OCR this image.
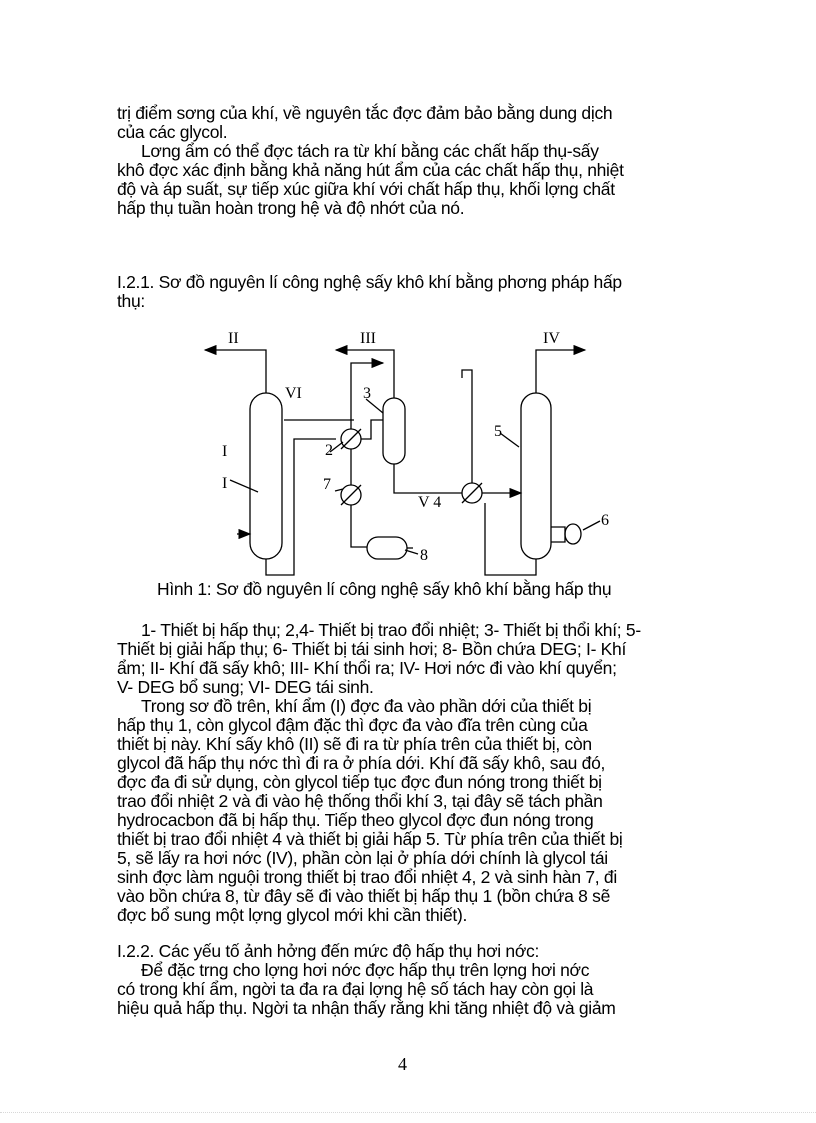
trị điểm sơng của khí, về nguyên tắc đợc đảm bảo bằng dung dịch
của các glycol.
Lơng ẩm có thể đợc tách ra từ khí bằng các chất hấp thụ-sấy
khô đợc xác định bằng khả năng hút ẩm của các chất hấp thụ, nhiệt
độ và áp suất, sự tiếp xúc giữa khí với chất hấp thụ, khối lợng chất
hấp thụ tuần hoàn trong hệ và độ nhớt của nó.
I.2.1. Sơ đồ nguyên lí công nghệ sấy khô khí bằng phơng pháp hấp
thụ:
II	III	IV
VI
I
I
3
2
7
5
V 4
6
8
Hình 1: Sơ đồ nguyên lí công nghệ sấy khô khí bằng hấp thụ
1- Thiết bị hấp thụ; 2,4- Thiết bị trao đổi nhiệt; 3- Thiết bị thổi khí; 5-
Thiết bị giải hấp thụ; 6- Thiết bị tái sinh hơi; 8- Bồn chứa DEG; I- Khí
ẩm; II- Khí đã sấy khô; III- Khí thổi ra; IV- Hơi nớc đi vào khí quyển;
V- DEG bổ sung; VI- DEG tái sinh.
Trong sơ đồ trên, khí ẩm (I) đợc đa vào phần dới của thiết bị
hấp thụ 1, còn glycol đậm đặc thì đợc đa vào đĩa trên cùng của
thiết bị này. Khí sấy khô (II) sẽ đi ra từ phía trên của thiết bị, còn
glycol đã hấp thụ nớc thì đi ra ở phía dới. Khí đã sấy khô, sau đó,
đợc đa đi sử dụng, còn glycol tiếp tục đợc đun nóng trong thiết bị
trao đổi nhiệt 2 và đi vào hệ thống thổi khí 3, tại đây sẽ tách phần
hydrocacbon đã bị hấp thụ. Tiếp theo glycol đợc đun nóng trong
thiết bị trao đổi nhiệt 4 và thiết bị giải hấp 5. Từ phía trên của thiết bị
5, sẽ lấy ra hơi nớc (IV), phần còn lại ở phía dới chính là glycol tái
sinh đợc làm nguội trong thiết bị trao đổi nhiệt 4, 2 và sinh hàn 7, đi
vào bồn chứa 8, từ đây sẽ đi vào thiết bị hấp thụ 1 (bồn chứa 8 sẽ
đợc bổ sung một lợng glycol mới khi cần thiết).
I.2.2. Các yếu tố ảnh hởng đến mức độ hấp thụ hơi nớc:
Để đặc trng cho lợng hơi nớc đợc hấp thụ trên lợng hơi nớc
có trong khí ẩm, ngời ta đa ra đại lợng hệ số tách hay còn gọi là
hiệu quả hấp thụ. Ngời ta nhận thấy rằng khi tăng nhiệt độ và giảm
4
